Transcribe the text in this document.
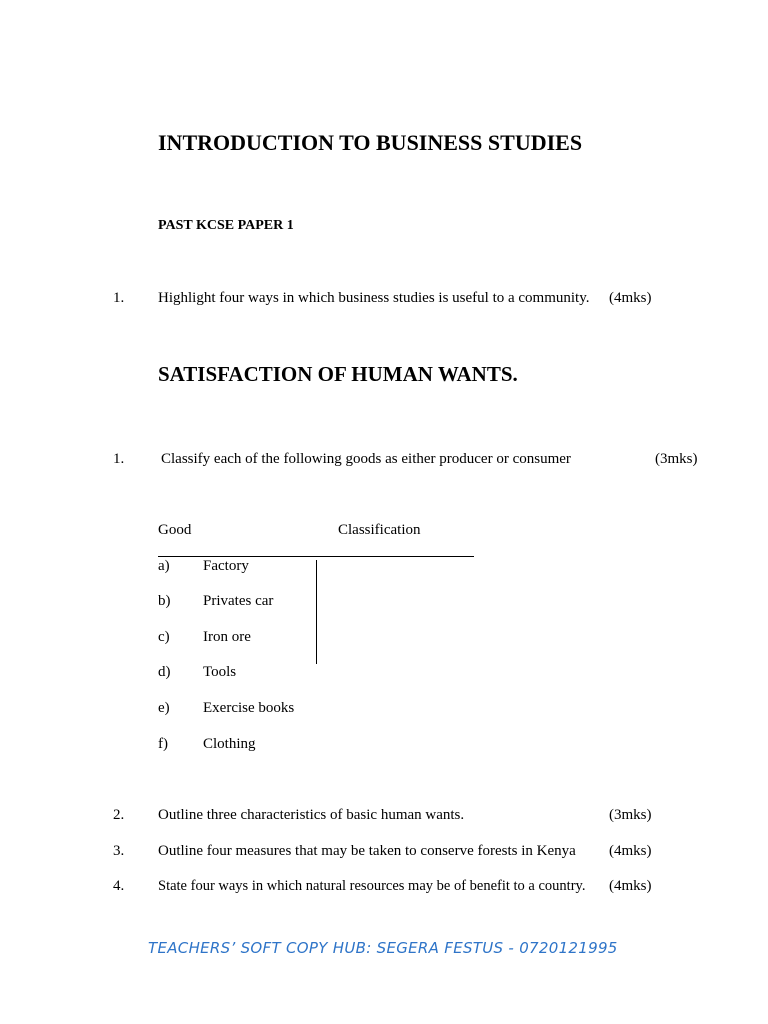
INTRODUCTION TO BUSINESS STUDIES
PAST KCSE PAPER 1
1. Highlight four ways in which business studies is useful to a community. (4mks)
SATISFACTION OF HUMAN WANTS.
1. Classify each of the following goods as either producer or consumer	(3mks)
Good	Classification
a) Factory
b) Privates car
c) Iron ore
d) Tools
e) Exercise books
f) Clothing
2. Outline three characteristics of basic human wants.	(3mks)
3. Outline four measures that may be taken to conserve forests in Kenya (4mks)
4. State four ways in which natural resources may be of benefit to a country. (4mks)
TEACHERS’ SOFT COPY HUB: SEGERA FESTUS - 0720121995
